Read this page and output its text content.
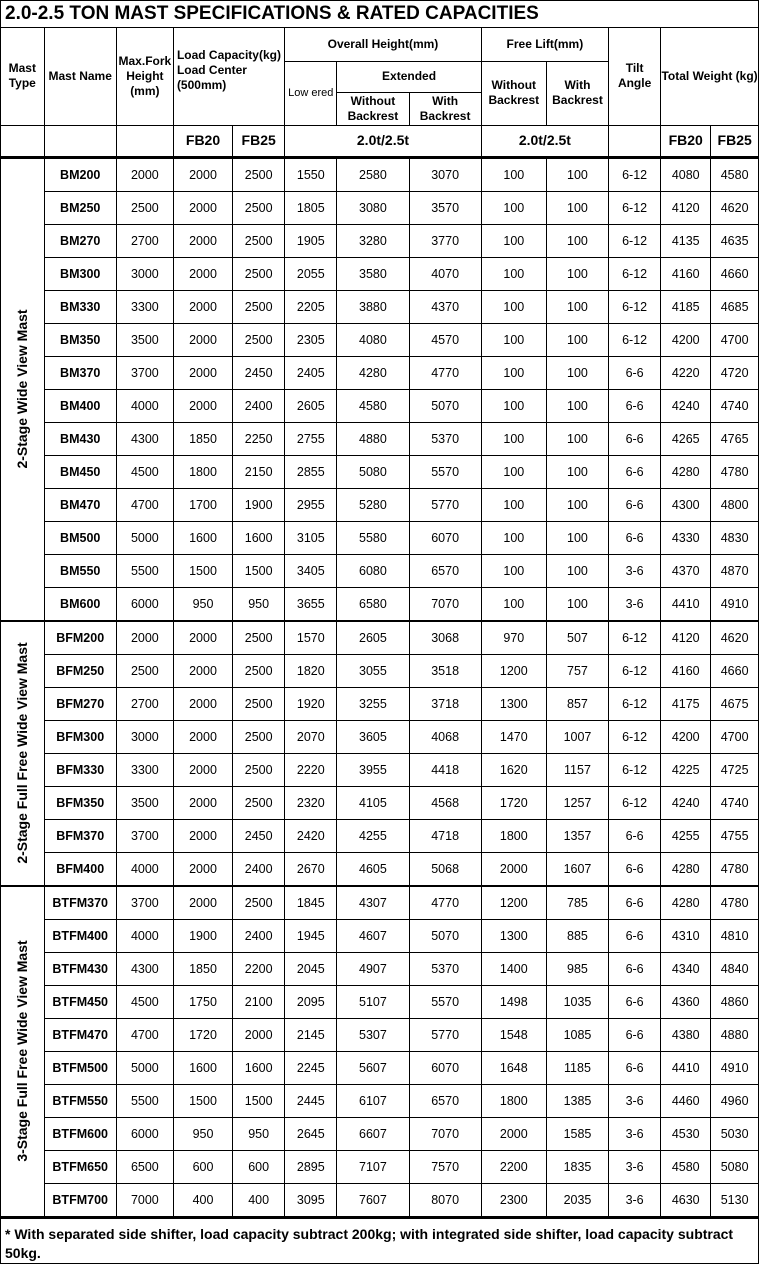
2.0-2.5 TON MAST SPECIFICATIONS & RATED CAPACITIES
Mast Type	Mast Name	Max.Fork Height (mm)	Load Capacity(kg) Load Center (500mm)		Overall Height(mm)			Free Lift(mm)		Tilt Angle	Total Weight (kg)	
					Low ered	Extended		Without Backrest	With Backrest			
						Without Backrest	With Backrest					
			FB20	FB25	2.0t/2.5t			2.0t/2.5t			FB20	FB25
2-Stage Wide View Mast	BM200	2000	2000	2500	1550	2580	3070	100	100	6-12	4080	4580
	BM250	2500	2000	2500	1805	3080	3570	100	100	6-12	4120	4620
	BM270	2700	2000	2500	1905	3280	3770	100	100	6-12	4135	4635
	BM300	3000	2000	2500	2055	3580	4070	100	100	6-12	4160	4660
	BM330	3300	2000	2500	2205	3880	4370	100	100	6-12	4185	4685
	BM350	3500	2000	2500	2305	4080	4570	100	100	6-12	4200	4700
	BM370	3700	2000	2450	2405	4280	4770	100	100	6-6	4220	4720
	BM400	4000	2000	2400	2605	4580	5070	100	100	6-6	4240	4740
	BM430	4300	1850	2250	2755	4880	5370	100	100	6-6	4265	4765
	BM450	4500	1800	2150	2855	5080	5570	100	100	6-6	4280	4780
	BM470	4700	1700	1900	2955	5280	5770	100	100	6-6	4300	4800
	BM500	5000	1600	1600	3105	5580	6070	100	100	6-6	4330	4830
	BM550	5500	1500	1500	3405	6080	6570	100	100	3-6	4370	4870
	BM600	6000	950	950	3655	6580	7070	100	100	3-6	4410	4910

2-Stage Full Free Wide View Mast	BFM200	2000	2000	2500	1570	2605	3068	970	507	6-12	4120	4620
	BFM250	2500	2000	2500	1820	3055	3518	1200	757	6-12	4160	4660
	BFM270	2700	2000	2500	1920	3255	3718	1300	857	6-12	4175	4675
	BFM300	3000	2000	2500	2070	3605	4068	1470	1007	6-12	4200	4700
	BFM330	3300	2000	2500	2220	3955	4418	1620	1157	6-12	4225	4725
	BFM350	3500	2000	2500	2320	4105	4568	1720	1257	6-12	4240	4740
	BFM370	3700	2000	2450	2420	4255	4718	1800	1357	6-6	4255	4755
	BFM400	4000	2000	2400	2670	4605	5068	2000	1607	6-6	4280	4780

3-Stage Full Free Wide View Mast	BTFM370	3700	2000	2500	1845	4307	4770	1200	785	6-6	4280	4780
	BTFM400	4000	1900	2400	1945	4607	5070	1300	885	6-6	4310	4810
	BTFM430	4300	1850	2200	2045	4907	5370	1400	985	6-6	4340	4840
	BTFM450	4500	1750	2100	2095	5107	5570	1498	1035	6-6	4360	4860
	BTFM470	4700	1720	2000	2145	5307	5770	1548	1085	6-6	4380	4880
	BTFM500	5000	1600	1600	2245	5607	6070	1648	1185	6-6	4410	4910
	BTFM550	5500	1500	1500	2445	6107	6570	1800	1385	3-6	4460	4960
	BTFM600	6000	950	950	2645	6607	7070	2000	1585	3-6	4530	5030
	BTFM650	6500	600	600	2895	7107	7570	2200	1835	3-6	4580	5080
	BTFM700	7000	400	400	3095	7607	8070	2300	2035	3-6	4630	5130
* With separated side shifter, load capacity subtract 200kg; with integrated side shifter, load capacity subtract 50kg.
